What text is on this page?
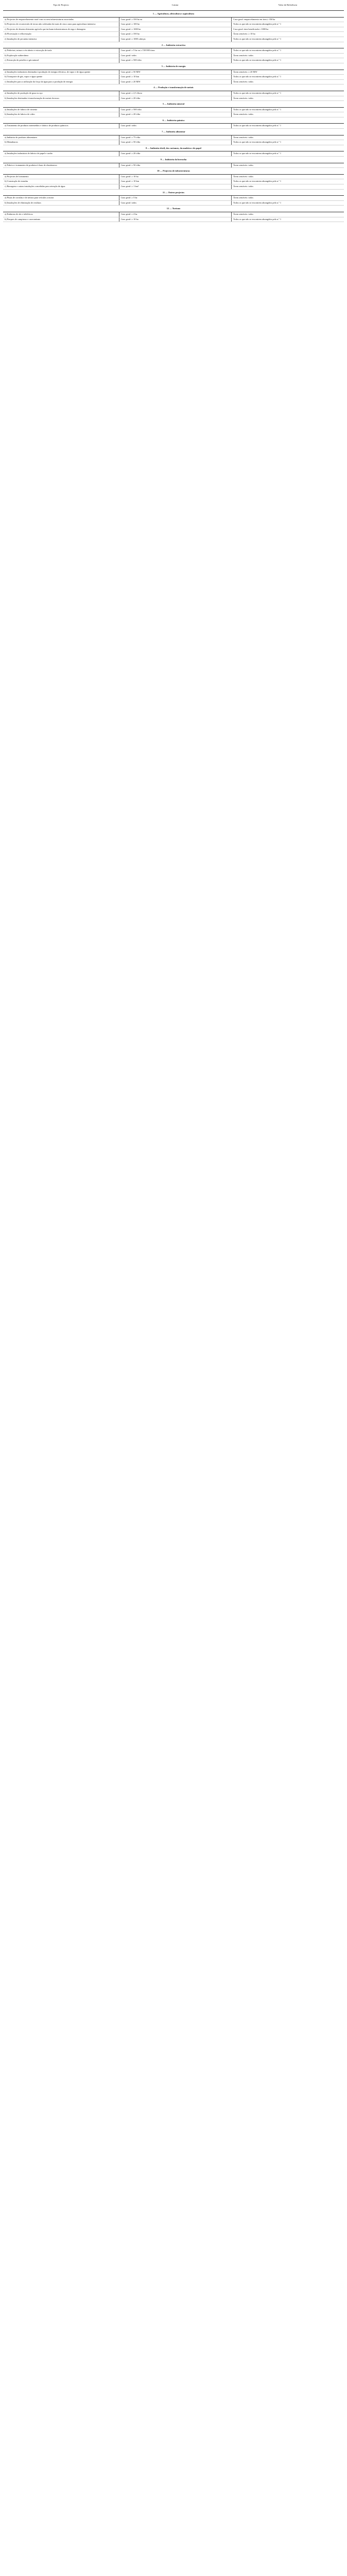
Tipo de Projecto	Limiar	Valor de Referência
1 — Agricultura, silvicultura e aquicultura		
a) Projectos de emparcelamento rural com ou sem infraestruturas associadas	Caso geral: ≥ 350 ha ou	Caso geral: emparcelamento em área ≥ 350 ha
b) Projectos de reconversão de terras não cultivadas há mais de cinco anos para agricultura intensiva	Caso geral: ≥ 100 ha	Todos os que não se encontrem abrangidos pelo n.º 1
c) Projectos de desenvolvimento agrícola que incluam infraestruturas de rega e drenagem	Caso geral: ≥ 1000 ha	Caso geral: área beneficiada ≥ 1000 ha
d) Florestação e reflorestação	Caso geral: ≥ 350 ha	Áreas sensíveis: ≥ 10 ha
e) Instalações de pecuária intensiva	Caso geral: ≥ 1000 cabeças	Todos os que não se encontrem abrangidos pelo n.º 1
2 — Indústria extractiva		
a) Pedreiras, minas a céu aberto e extracção de turfa	Caso geral: ≥ 5 ha ou ≥ 150 000 t/ano	Todos os que não se encontrem abrangidos pelo n.º 1
b) Exploração subterrânea	Caso geral: todos	Áreas sensíveis: todos
c) Extracção de petróleo e gás natural	Caso geral: ≥ 500 t/dia	Todos os que não se encontrem abrangidos pelo n.º 1
3 — Indústria de energia		
a) Instalações industriais destinadas à produção de energia eléctrica, de vapor e de água quente	Caso geral: ≥ 50 MW	Áreas sensíveis: ≥ 20 MW
b) Transporte de gás, vapor e água quente	Caso geral: ≥ 10 km	Todos os que não se encontrem abrangidos pelo n.º 1
c) Instalações para a utilização da força da água para a produção de energia	Caso geral: ≥ 20 MW	Áreas sensíveis: todos
4 — Produção e transformação de metais		
a) Instalações de produção de gusa ou aço	Caso geral: ≥ 2,5 t/hora	Todos os que não se encontrem abrangidos pelo n.º 1
b) Instalações destinadas à transformação de metais ferrosos	Caso geral: ≥ 20 t/dia	Áreas sensíveis: todos
5 — Indústria mineral		
a) Instalações de fabrico de cimento	Caso geral: ≥ 500 t/dia	Todos os que não se encontrem abrangidos pelo n.º 1
b) Instalações de fabrico de vidro	Caso geral: ≥ 20 t/dia	Áreas sensíveis: todos
6 — Indústria química		
a) Tratamento de produtos intermédios e fabrico de produtos químicos	Caso geral: todos	Todos os que não se encontrem abrangidos pelo n.º 1
7 — Indústria alimentar		
a) Indústria de produtos alimentares	Caso geral: ≥ 75 t/dia	Áreas sensíveis: todos
b) Matadouros	Caso geral: ≥ 50 t/dia	Todos os que não se encontrem abrangidos pelo n.º 1
8 — Indústria têxtil, dos curtumes, da madeira e do papel		
a) Instalações industriais de fabrico de papel e cartão	Caso geral: ≥ 20 t/dia	Todos os que não se encontrem abrangidos pelo n.º 1
9 — Indústria da borracha		
a) Fabrico e tratamento de produtos à base de elastómeros	Caso geral: ≥ 50 t/dia	Áreas sensíveis: todos
10 — Projectos de infraestruturas		
a) Projectos de loteamento	Caso geral: ≥ 10 ha	Áreas sensíveis: todos
b) Construção de estradas	Caso geral: ≥ 10 km	Todos os que não se encontrem abrangidos pelo n.º 1
c) Barragens e outras instalações concebidas para retenção de água	Caso geral: ≥ 1 hm³	Áreas sensíveis: todos
11 — Outros projectos		
a) Pistas de corridas e de treinos para veículos a motor	Caso geral: ≥ 5 ha	Áreas sensíveis: todos
b) Instalações de eliminação de resíduos	Caso geral: todos	Todos os que não se encontrem abrangidos pelo n.º 1
12 — Turismo		
a) Estâncias de ski e teleféricos	Caso geral: ≥ 4 ha	Áreas sensíveis: todos
b) Parques de campismo e caravanismo	Caso geral: ≥ 10 ha	Todos os que não se encontrem abrangidos pelo n.º 1
